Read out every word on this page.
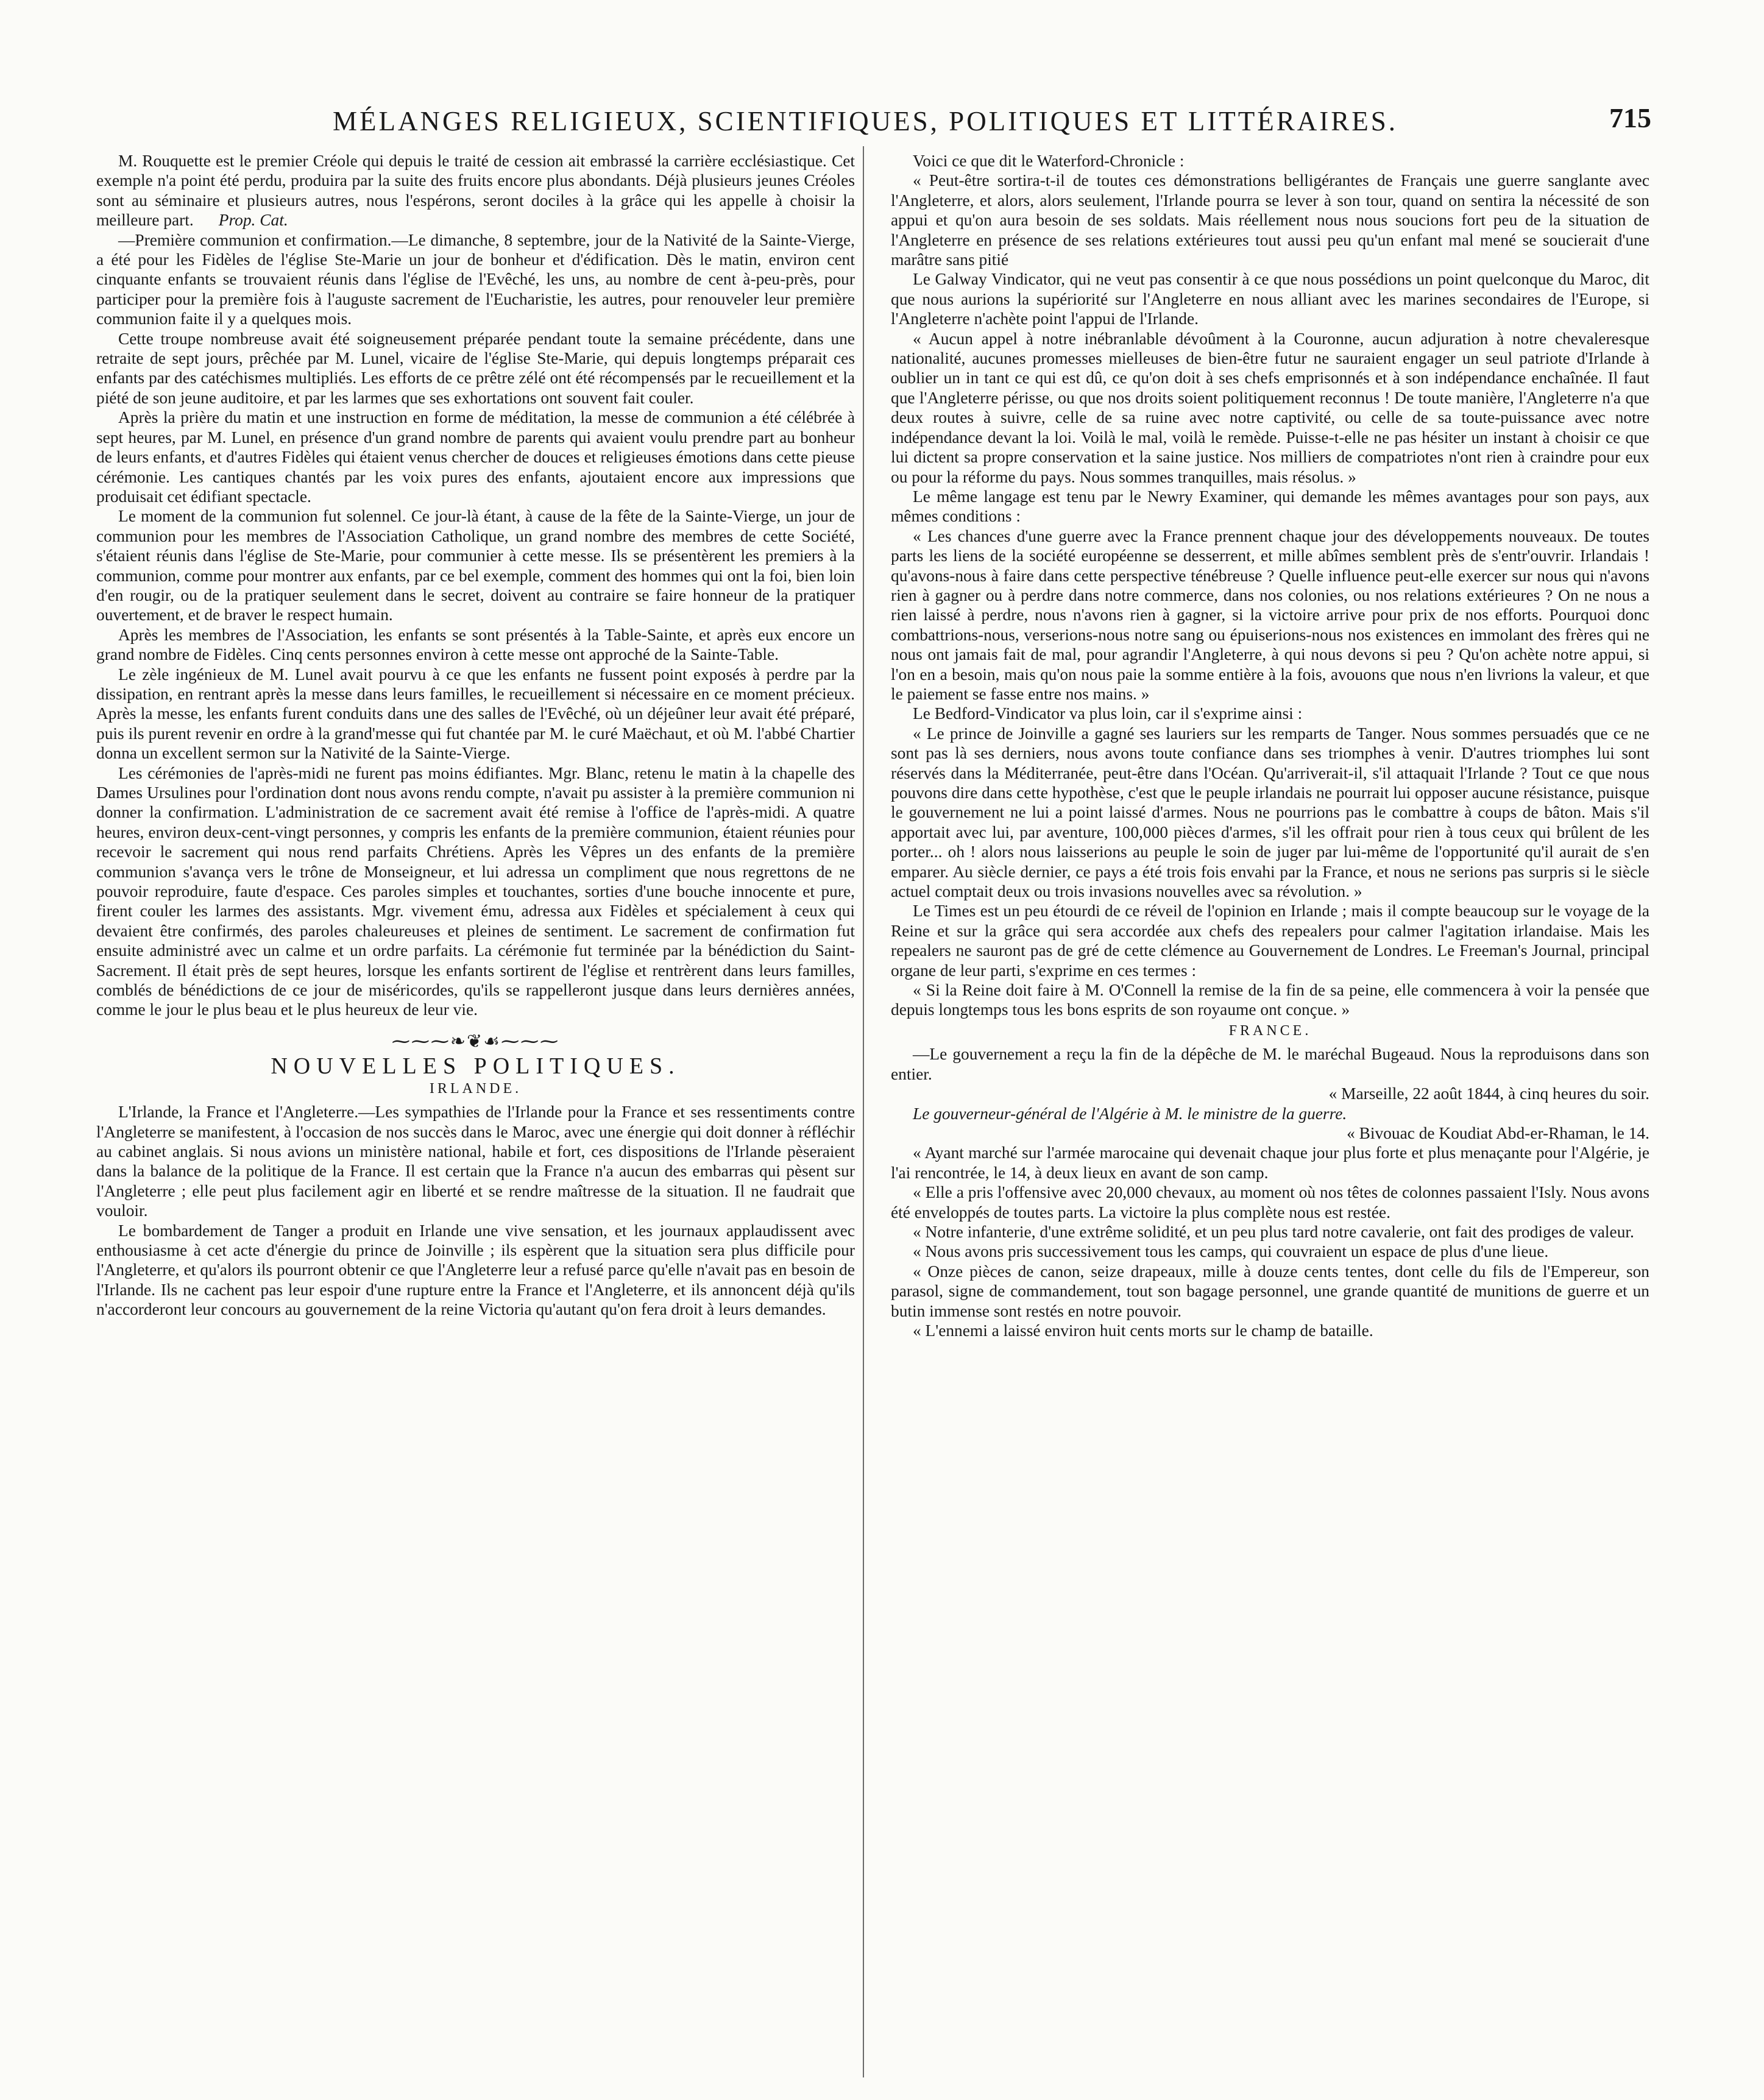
MÉLANGES RELIGIEUX, SCIENTIFIQUES, POLITIQUES ET LITTÉRAIRES.	715

M. Rouquette est le premier Créole qui depuis le traité de cession ait embrassé la carrière ecclésiastique. Cet exemple n'a point été perdu, produira par la suite des fruits encore plus abondants. Déjà plusieurs jeunes Créoles sont au séminaire et plusieurs autres, nous l'espérons, seront dociles à la grâce qui les appelle à choisir la meilleure part. Prop. Cat.

—Première communion et confirmation.—Le dimanche, 8 septembre, jour de la Nativité de la Sainte-Vierge, a été pour les Fidèles de l'église Ste-Marie un jour de bonheur et d'édification. Dès le matin, environ cent cinquante enfants se trouvaient réunis dans l'église de l'Evêché, les uns, au nombre de cent à-peu-près, pour participer pour la première fois à l'auguste sacrement de l'Eucharistie, les autres, pour renouveler leur première communion faite il y a quelques mois.

Cette troupe nombreuse avait été soigneusement préparée pendant toute la semaine précédente, dans une retraite de sept jours, prêchée par M. Lunel, vicaire de l'église Ste-Marie, qui depuis longtemps préparait ces enfants par des catéchismes multipliés. Les efforts de ce prêtre zélé ont été récompensés par le recueillement et la piété de son jeune auditoire, et par les larmes que ses exhortations ont souvent fait couler.

Après la prière du matin et une instruction en forme de méditation, la messe de communion a été célébrée à sept heures, par M. Lunel, en présence d'un grand nombre de parents qui avaient voulu prendre part au bonheur de leurs enfants, et d'autres Fidèles qui étaient venus chercher de douces et religieuses émotions dans cette pieuse cérémonie. Les cantiques chantés par les voix pures des enfants, ajoutaient encore aux impressions que produisait cet édifiant spectacle.

Le moment de la communion fut solennel. Ce jour-là étant, à cause de la fête de la Sainte-Vierge, un jour de communion pour les membres de l'Association Catholique, un grand nombre des membres de cette Société, s'étaient réunis dans l'église de Ste-Marie, pour communier à cette messe. Ils se présentèrent les premiers à la communion, comme pour montrer aux enfants, par ce bel exemple, comment des hommes qui ont la foi, bien loin d'en rougir, ou de la pratiquer seulement dans le secret, doivent au contraire se faire honneur de la pratiquer ouvertement, et de braver le respect humain.

Après les membres de l'Association, les enfants se sont présentés à la Table-Sainte, et après eux encore un grand nombre de Fidèles. Cinq cents personnes environ à cette messe ont approché de la Sainte-Table.

Le zèle ingénieux de M. Lunel avait pourvu à ce que les enfants ne fussent point exposés à perdre par la dissipation, en rentrant après la messe dans leurs familles, le recueillement si nécessaire en ce moment précieux. Après la messe, les enfants furent conduits dans une des salles de l'Evêché, où un déjeûner leur avait été préparé, puis ils purent revenir en ordre à la grand'messe qui fut chantée par M. le curé Maëchaut, et où M. l'abbé Chartier donna un excellent sermon sur la Nativité de la Sainte-Vierge.

Les cérémonies de l'après-midi ne furent pas moins édifiantes. Mgr. Blanc, retenu le matin à la chapelle des Dames Ursulines pour l'ordination dont nous avons rendu compte, n'avait pu assister à la première communion ni donner la confirmation. L'administration de ce sacrement avait été remise à l'office de l'après-midi. A quatre heures, environ deux-cent-vingt personnes, y compris les enfants de la première communion, étaient réunies pour recevoir le sacrement qui nous rend parfaits Chrétiens. Après les Vêpres un des enfants de la première communion s'avança vers le trône de Monseigneur, et lui adressa un compliment que nous regrettons de ne pouvoir reproduire, faute d'espace. Ces paroles simples et touchantes, sorties d'une bouche innocente et pure, firent couler les larmes des assistants. Mgr. vivement ému, adressa aux Fidèles et spécialement à ceux qui devaient être confirmés, des paroles chaleureuses et pleines de sentiment. Le sacrement de confirmation fut ensuite administré avec un calme et un ordre parfaits. La cérémonie fut terminée par la bénédiction du Saint-Sacrement. Il était près de sept heures, lorsque les enfants sortirent de l'église et rentrèrent dans leurs familles, comblés de bénédictions de ce jour de miséricordes, qu'ils se rappelleront jusque dans leurs dernières années, comme le jour le plus beau et le plus heureux de leur vie.

⁓⁓⁓❧❦☙⁓⁓⁓

NOUVELLES POLITIQUES.

IRLANDE.

L'Irlande, la France et l'Angleterre.—Les sympathies de l'Irlande pour la France et ses ressentiments contre l'Angleterre se manifestent, à l'occasion de nos succès dans le Maroc, avec une énergie qui doit donner à réfléchir au cabinet anglais. Si nous avions un ministère national, habile et fort, ces dispositions de l'Irlande pèseraient dans la balance de la politique de la France. Il est certain que la France n'a aucun des embarras qui pèsent sur l'Angleterre ; elle peut plus facilement agir en liberté et se rendre maîtresse de la situation. Il ne faudrait que vouloir.

Le bombardement de Tanger a produit en Irlande une vive sensation, et les journaux applaudissent avec enthousiasme à cet acte d'énergie du prince de Joinville ; ils espèrent que la situation sera plus difficile pour l'Angleterre, et qu'alors ils pourront obtenir ce que l'Angleterre leur a refusé parce qu'elle n'avait pas en besoin de l'Irlande. Ils ne cachent pas leur espoir d'une rupture entre la France et l'Angleterre, et ils annoncent déjà qu'ils n'accorderont leur concours au gouvernement de la reine Victoria qu'autant qu'on fera droit à leurs demandes.

Voici ce que dit le Waterford-Chronicle :

« Peut-être sortira-t-il de toutes ces démonstrations belligérantes de Français une guerre sanglante avec l'Angleterre, et alors, alors seulement, l'Irlande pourra se lever à son tour, quand on sentira la nécessité de son appui et qu'on aura besoin de ses soldats. Mais réellement nous nous soucions fort peu de la situation de l'Angleterre en présence de ses relations extérieures tout aussi peu qu'un enfant mal mené se soucierait d'une marâtre sans pitié

Le Galway Vindicator, qui ne veut pas consentir à ce que nous possédions un point quelconque du Maroc, dit que nous aurions la supériorité sur l'Angleterre en nous alliant avec les marines secondaires de l'Europe, si l'Angleterre n'achète point l'appui de l'Irlande.

« Aucun appel à notre inébranlable dévoûment à la Couronne, aucun adjuration à notre chevaleresque nationalité, aucunes promesses mielleuses de bien-être futur ne sauraient engager un seul patriote d'Irlande à oublier un in tant ce qui est dû, ce qu'on doit à ses chefs emprisonnés et à son indépendance enchaînée. Il faut que l'Angleterre périsse, ou que nos droits soient politiquement reconnus ! De toute manière, l'Angleterre n'a que deux routes à suivre, celle de sa ruine avec notre captivité, ou celle de sa toute-puissance avec notre indépendance devant la loi. Voilà le mal, voilà le remède. Puisse-t-elle ne pas hésiter un instant à choisir ce que lui dictent sa propre conservation et la saine justice. Nos milliers de compatriotes n'ont rien à craindre pour eux ou pour la réforme du pays. Nous sommes tranquilles, mais résolus. »

Le même langage est tenu par le Newry Examiner, qui demande les mêmes avantages pour son pays, aux mêmes conditions :

« Les chances d'une guerre avec la France prennent chaque jour des développements nouveaux. De toutes parts les liens de la société européenne se desserrent, et mille abîmes semblent près de s'entr'ouvrir. Irlandais ! qu'avons-nous à faire dans cette perspective ténébreuse ? Quelle influence peut-elle exercer sur nous qui n'avons rien à gagner ou à perdre dans notre commerce, dans nos colonies, ou nos relations extérieures ? On ne nous a rien laissé à perdre, nous n'avons rien à gagner, si la victoire arrive pour prix de nos efforts. Pourquoi donc combattrions-nous, verserions-nous notre sang ou épuiserions-nous nos existences en immolant des frères qui ne nous ont jamais fait de mal, pour agrandir l'Angleterre, à qui nous devons si peu ? Qu'on achète notre appui, si l'on en a besoin, mais qu'on nous paie la somme entière à la fois, avouons que nous n'en livrions la valeur, et que le paiement se fasse entre nos mains. »

Le Bedford-Vindicator va plus loin, car il s'exprime ainsi :

« Le prince de Joinville a gagné ses lauriers sur les remparts de Tanger. Nous sommes persuadés que ce ne sont pas là ses derniers, nous avons toute confiance dans ses triomphes à venir. D'autres triomphes lui sont réservés dans la Méditerranée, peut-être dans l'Océan. Qu'arriverait-il, s'il attaquait l'Irlande ? Tout ce que nous pouvons dire dans cette hypothèse, c'est que le peuple irlandais ne pourrait lui opposer aucune résistance, puisque le gouvernement ne lui a point laissé d'armes. Nous ne pourrions pas le combattre à coups de bâton. Mais s'il apportait avec lui, par aventure, 100,000 pièces d'armes, s'il les offrait pour rien à tous ceux qui brûlent de les porter... oh ! alors nous laisserions au peuple le soin de juger par lui-même de l'opportunité qu'il aurait de s'en emparer. Au siècle dernier, ce pays a été trois fois envahi par la France, et nous ne serions pas surpris si le siècle actuel comptait deux ou trois invasions nouvelles avec sa révolution. »

Le Times est un peu étourdi de ce réveil de l'opinion en Irlande ; mais il compte beaucoup sur le voyage de la Reine et sur la grâce qui sera accordée aux chefs des repealers pour calmer l'agitation irlandaise. Mais les repealers ne sauront pas de gré de cette clémence au Gouvernement de Londres. Le Freeman's Journal, principal organe de leur parti, s'exprime en ces termes :

« Si la Reine doit faire à M. O'Connell la remise de la fin de sa peine, elle commencera à voir la pensée que depuis longtemps tous les bons esprits de son royaume ont conçue. »

FRANCE.

—Le gouvernement a reçu la fin de la dépêche de M. le maréchal Bugeaud. Nous la reproduisons dans son entier.

« Marseille, 22 août 1844, à cinq heures du soir.

Le gouverneur-général de l'Algérie à M. le ministre de la guerre.

« Bivouac de Koudiat Abd-er-Rhaman, le 14.

« Ayant marché sur l'armée marocaine qui devenait chaque jour plus forte et plus menaçante pour l'Algérie, je l'ai rencontrée, le 14, à deux lieux en avant de son camp.

« Elle a pris l'offensive avec 20,000 chevaux, au moment où nos têtes de colonnes passaient l'Isly. Nous avons été enveloppés de toutes parts. La victoire la plus complète nous est restée.

« Notre infanterie, d'une extrême solidité, et un peu plus tard notre cavalerie, ont fait des prodiges de valeur.

« Nous avons pris successivement tous les camps, qui couvraient un espace de plus d'une lieue.

« Onze pièces de canon, seize drapeaux, mille à douze cents tentes, dont celle du fils de l'Empereur, son parasol, signe de commandement, tout son bagage personnel, une grande quantité de munitions de guerre et un butin immense sont restés en notre pouvoir.

« L'ennemi a laissé environ huit cents morts sur le champ de bataille.
